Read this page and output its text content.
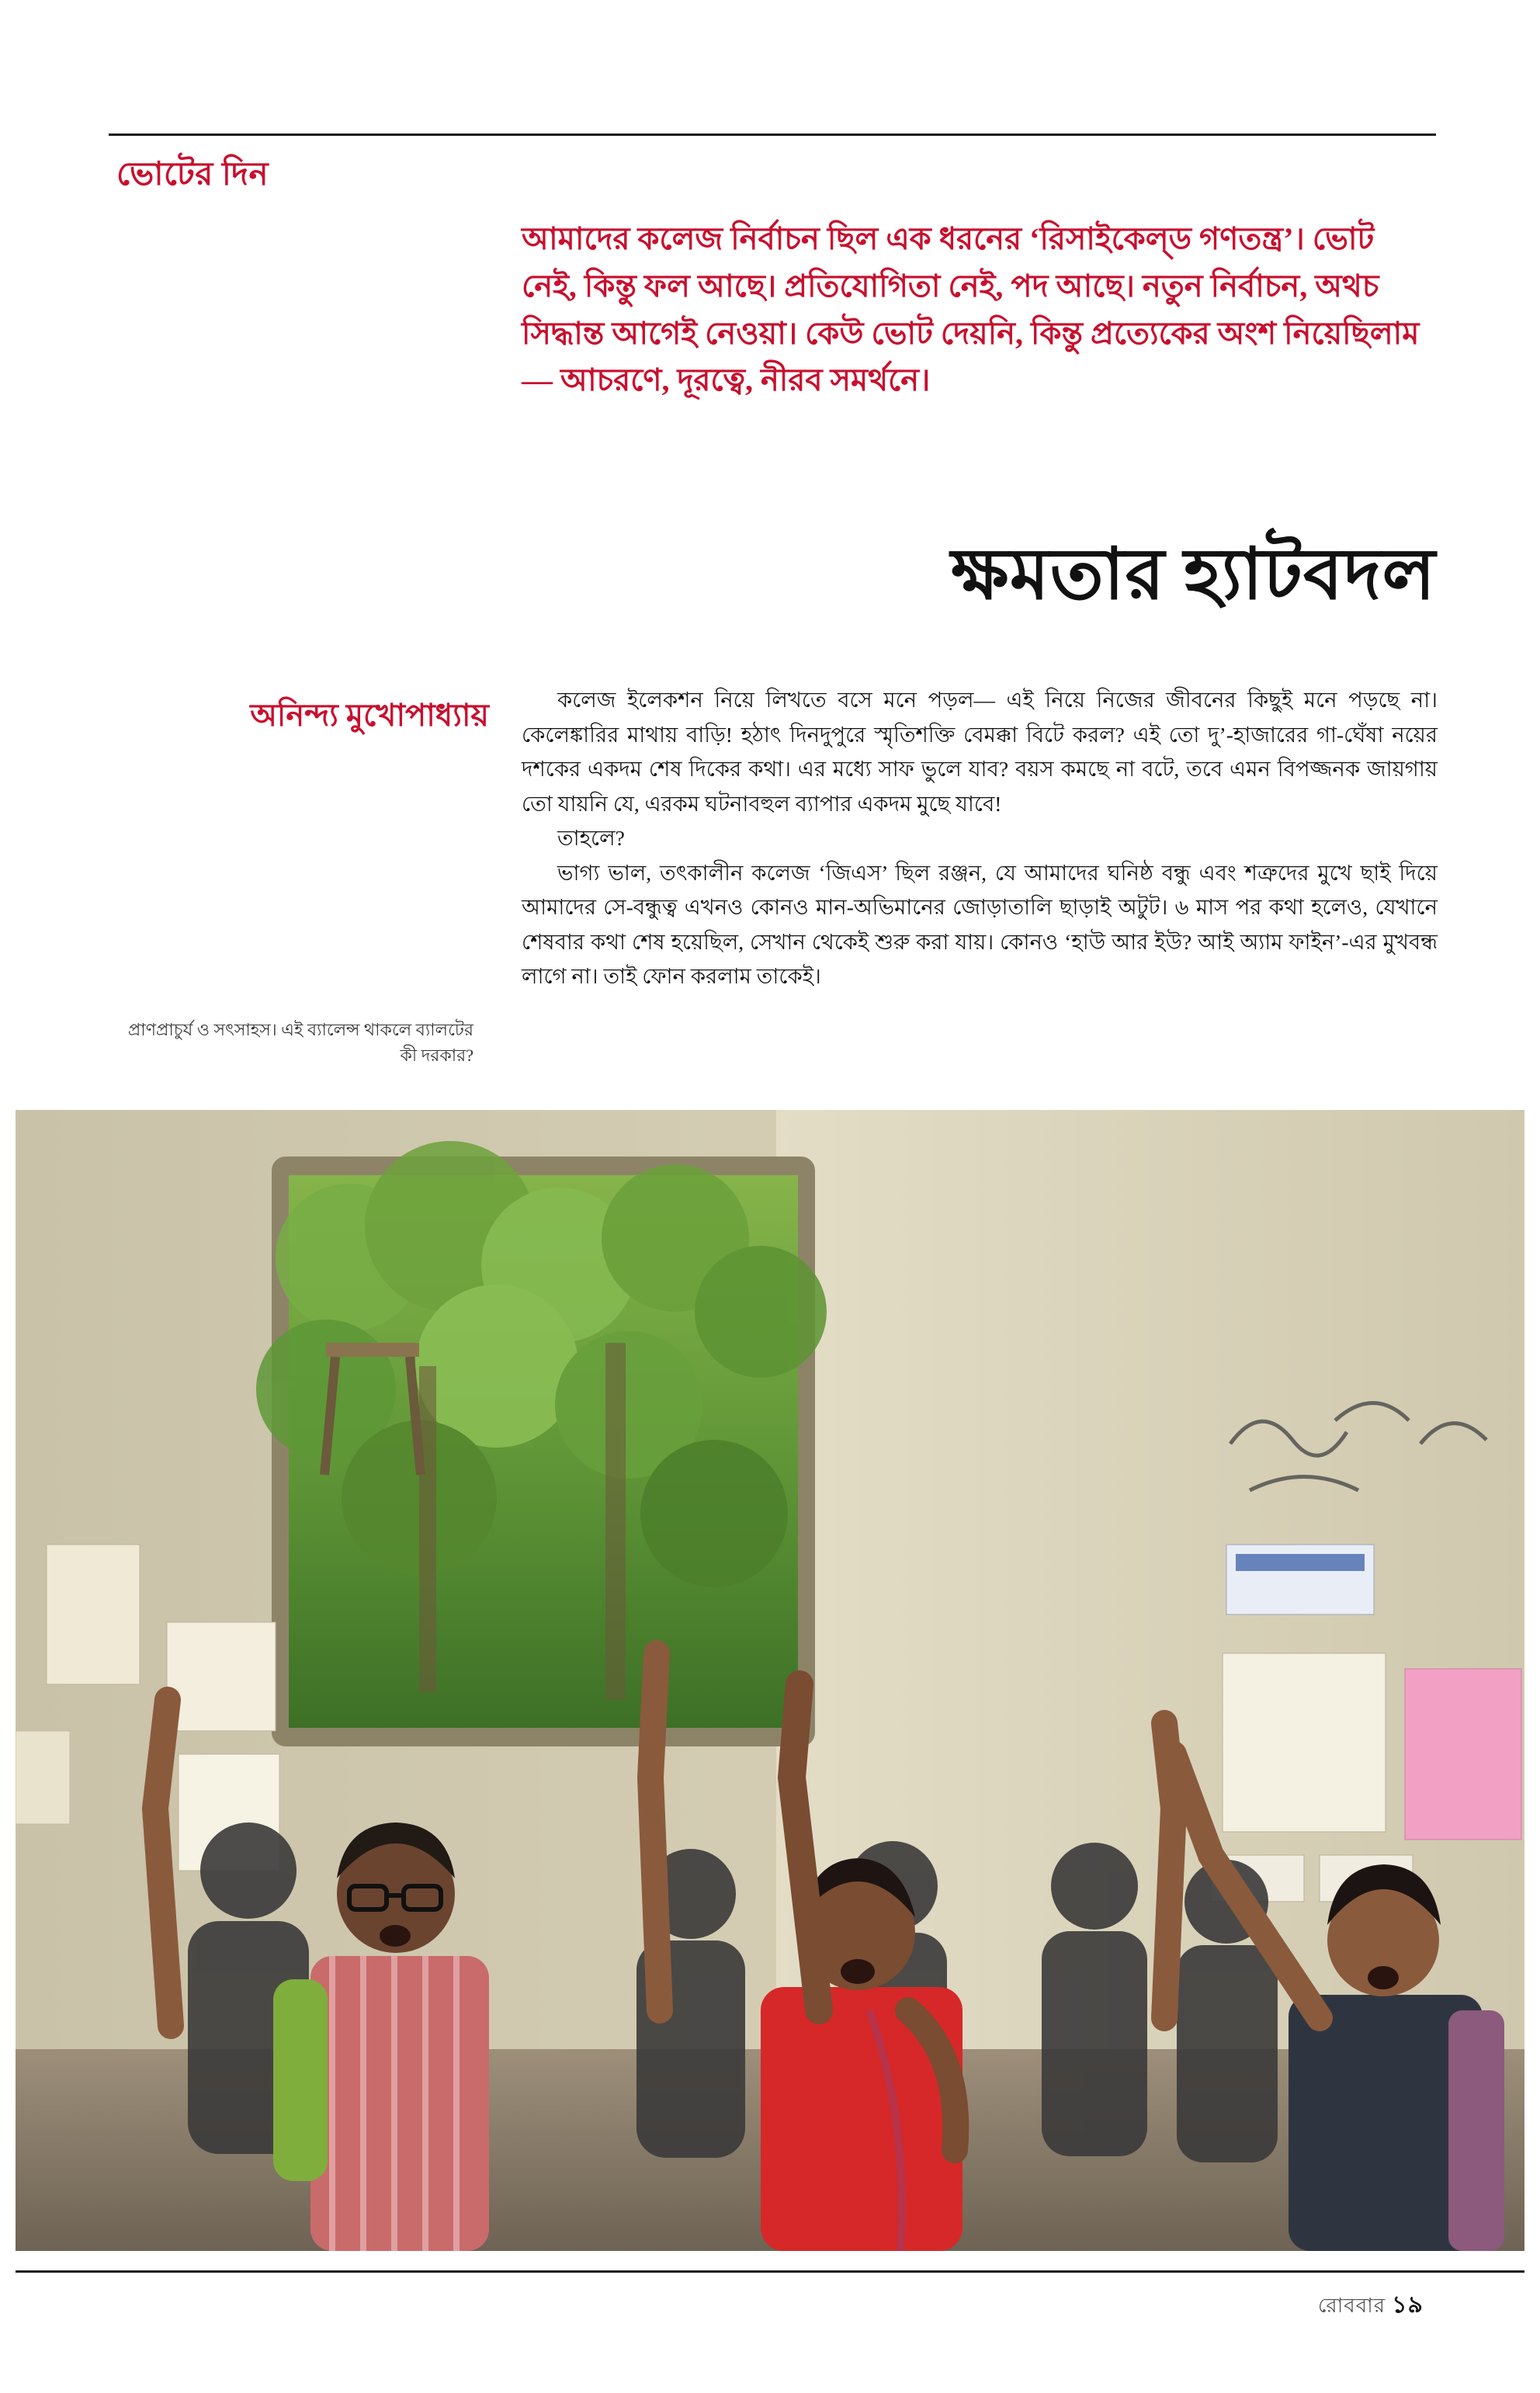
ভোটের দিন
আমাদের কলেজ নির্বাচন ছিল এক ধরনের ‘রিসাইকেল্‌ড গণতন্ত্র’। ভোট নেই, কিন্তু ফল আছে। প্রতিযোগিতা নেই, পদ আছে। নতুন নির্বাচন, অথচ সিদ্ধান্ত আগেই নেওয়া। কেউ ভোট দেয়নি, কিন্তু প্রত্যেকের অংশ নিয়েছিলাম— আচরণে, দূরত্বে, নীরব সমর্থনে।
ক্ষমতার হ্যাটবদল
অনিন্দ্য মুখোপাধ্যায়	কলেজ ইলেকশন নিয়ে লিখতে বসে মনে পড়ল— এই নিয়ে নিজের জীবনের কিছুই মনে পড়ছে না। কেলেঙ্কারির মাথায় বাড়ি! হঠাৎ দিনদুপুরে স্মৃতিশক্তি বেমক্কা বিটে করল? এই তো দু’-হাজারের গা-ঘেঁষা নয়ের দশকের একদম শেষ দিকের কথা। এর মধ্যে সাফ ভুলে যাব? বয়স কমছে না বটে, তবে এমন বিপজ্জনক জায়গায় তো যায়নি যে, এরকম ঘটনাবহুল ব্যাপার একদম মুছে যাবে!

তাহলে?

ভাগ্য ভাল, তৎকালীন কলেজ ‘জিএস’ ছিল রঞ্জন, যে আমাদের ঘনিষ্ঠ বন্ধু এবং শত্রুদের মুখে ছাই দিয়ে আমাদের সে-বন্ধুত্ব এখনও কোনও মান-অভিমানের জোড়াতালি ছাড়াই অটুট। ৬ মাস পর কথা হলেও, যেখানে শেষবার কথা শেষ হয়েছিল, সেখান থেকেই শুরু করা যায়। কোনও ‘হাউ আর ইউ? আই অ্যাম ফাইন’-এর মুখবন্ধ লাগে না। তাই ফোন করলাম তাকেই।

প্রাণপ্রাচুর্য ও সৎসাহস। এই ব্যালেন্স থাকলে ব্যালটের কী দরকার?
রোববার ১৯
